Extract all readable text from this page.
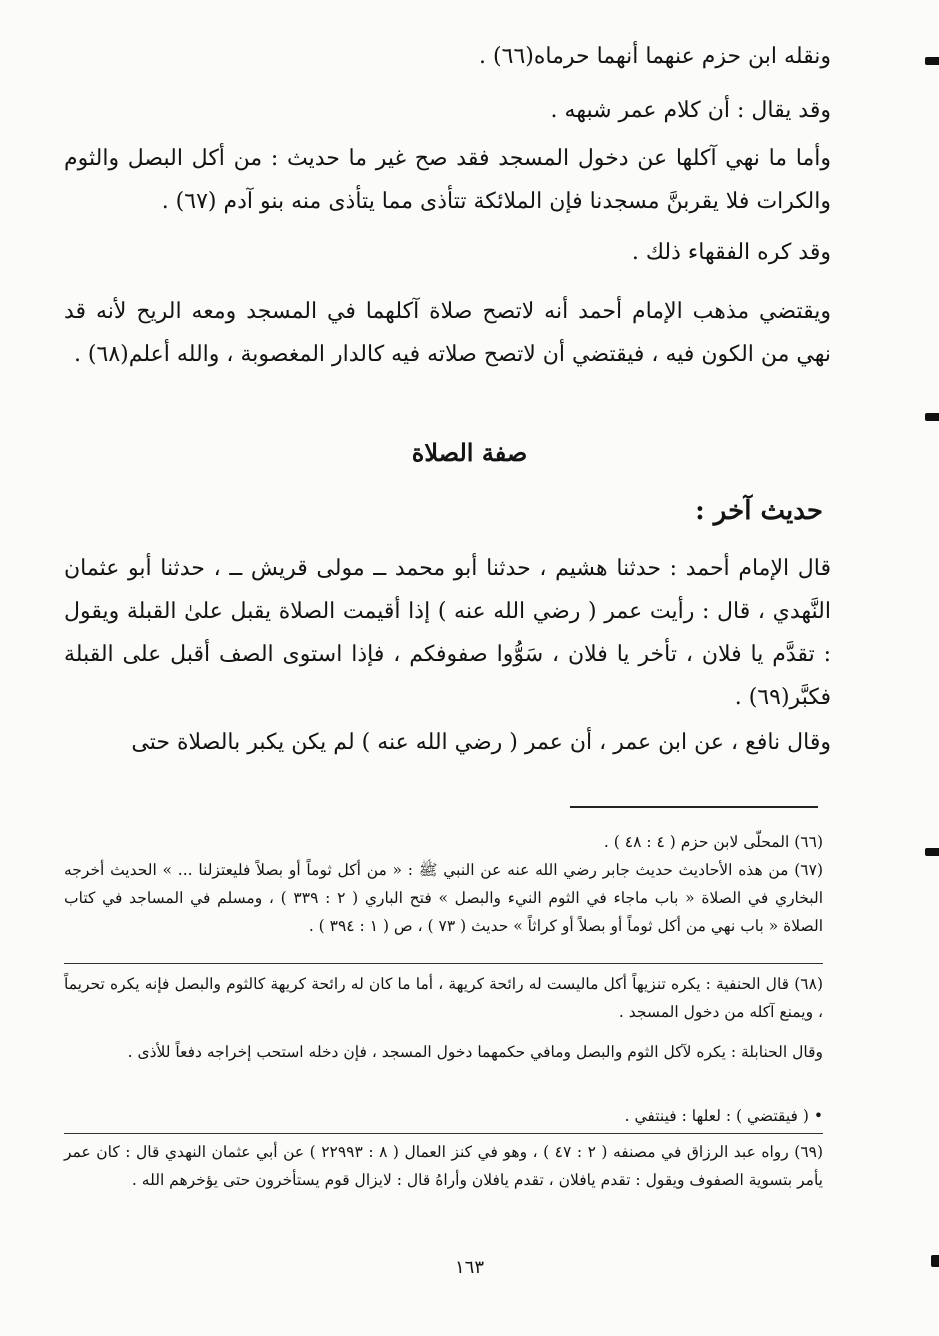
ونقله ابن حزم عنهما أنهما حرماه(٦٦) .
وقد يقال : أن كلام عمر شبهه .
وأما ما نهي آكلها عن دخول المسجد فقد صح غير ما حديث : من أكل البصل والثوم والكرات فلا يقربنَّ مسجدنا فإن الملائكة تتأذى مما يتأذى منه بنو آدم (٦٧) .
وقد كره الفقهاء ذلك .
ويقتضي مذهب الإمام أحمد أنه لاتصح صلاة آكلهما في المسجد ومعه الريح لأنه قد نهي من الكون فيه ، فيقتضي أن لاتصح صلاته فيه كالدار المغصوبة ، والله أعلم(٦٨) .
صفة الصلاة
حديث آخر :
قال الإمام أحمد : حدثنا هشيم ، حدثنا أبو محمد ــ مولى قريش ــ ، حدثنا أبو عثمان النَّهدي ، قال : رأيت عمر ( رضي الله عنه ) إذا أقيمت الصلاة يقبل علىٰ القبلة ويقول : تقدَّم يا فلان ، تأخر يا فلان ، سَوُّوا صفوفكم ، فإذا استوى الصف أقبل على القبلة فكبَّر(٦٩) .
وقال نافع ، عن ابن عمر ، أن عمر ( رضي الله عنه ) لم يكن يكبر بالصلاة حتى
(٦٦) المحلّى لابن حزم ( ٤ : ٤٨ ) .
(٦٧) من هذه الأحاديث حديث جابر رضي الله عنه عن النبي ﷺ : « من أكل ثوماً أو بصلاً فليعتزلنا ... » الحديث أخرجه البخاري في الصلاة « باب ماجاء في الثوم النيء والبصل » فتح الباري ( ٢ : ٣٣٩ ) ، ومسلم في المساجد في كتاب الصلاة « باب نهي من أكل ثوماً أو بصلاً أو كراثاً » حديث ( ٧٣ ) ، ص ( ١ : ٣٩٤ ) .
(٦٨) قال الحنفية : يكره تنزيهاً أكل ماليست له رائحة كريهة ، أما ما كان له رائحة كريهة كالثوم والبصل فإنه يكره تحريماً ، ويمنع آكله من دخول المسجد .
وقال الحنابلة : يكره لآكل الثوم والبصل ومافي حكمهما دخول المسجد ، فإن دخله استحب إخراجه دفعاً للأذى .
• ( فيقتضي ) : لعلها : فينتفي .
(٦٩) رواه عبد الرزاق في مصنفه ( ٢ : ٤٧ ) ، وهو في كنز العمال ( ٨ : ٢٢٩٩٣ ) عن أبي عثمان النهدي قال : كان عمر يأمر بتسوية الصفوف ويقول : تقدم يافلان ، تقدم يافلان وأراهُ قال : لايزال قوم يستأخرون حتى يؤخرهم الله .
١٦٣
